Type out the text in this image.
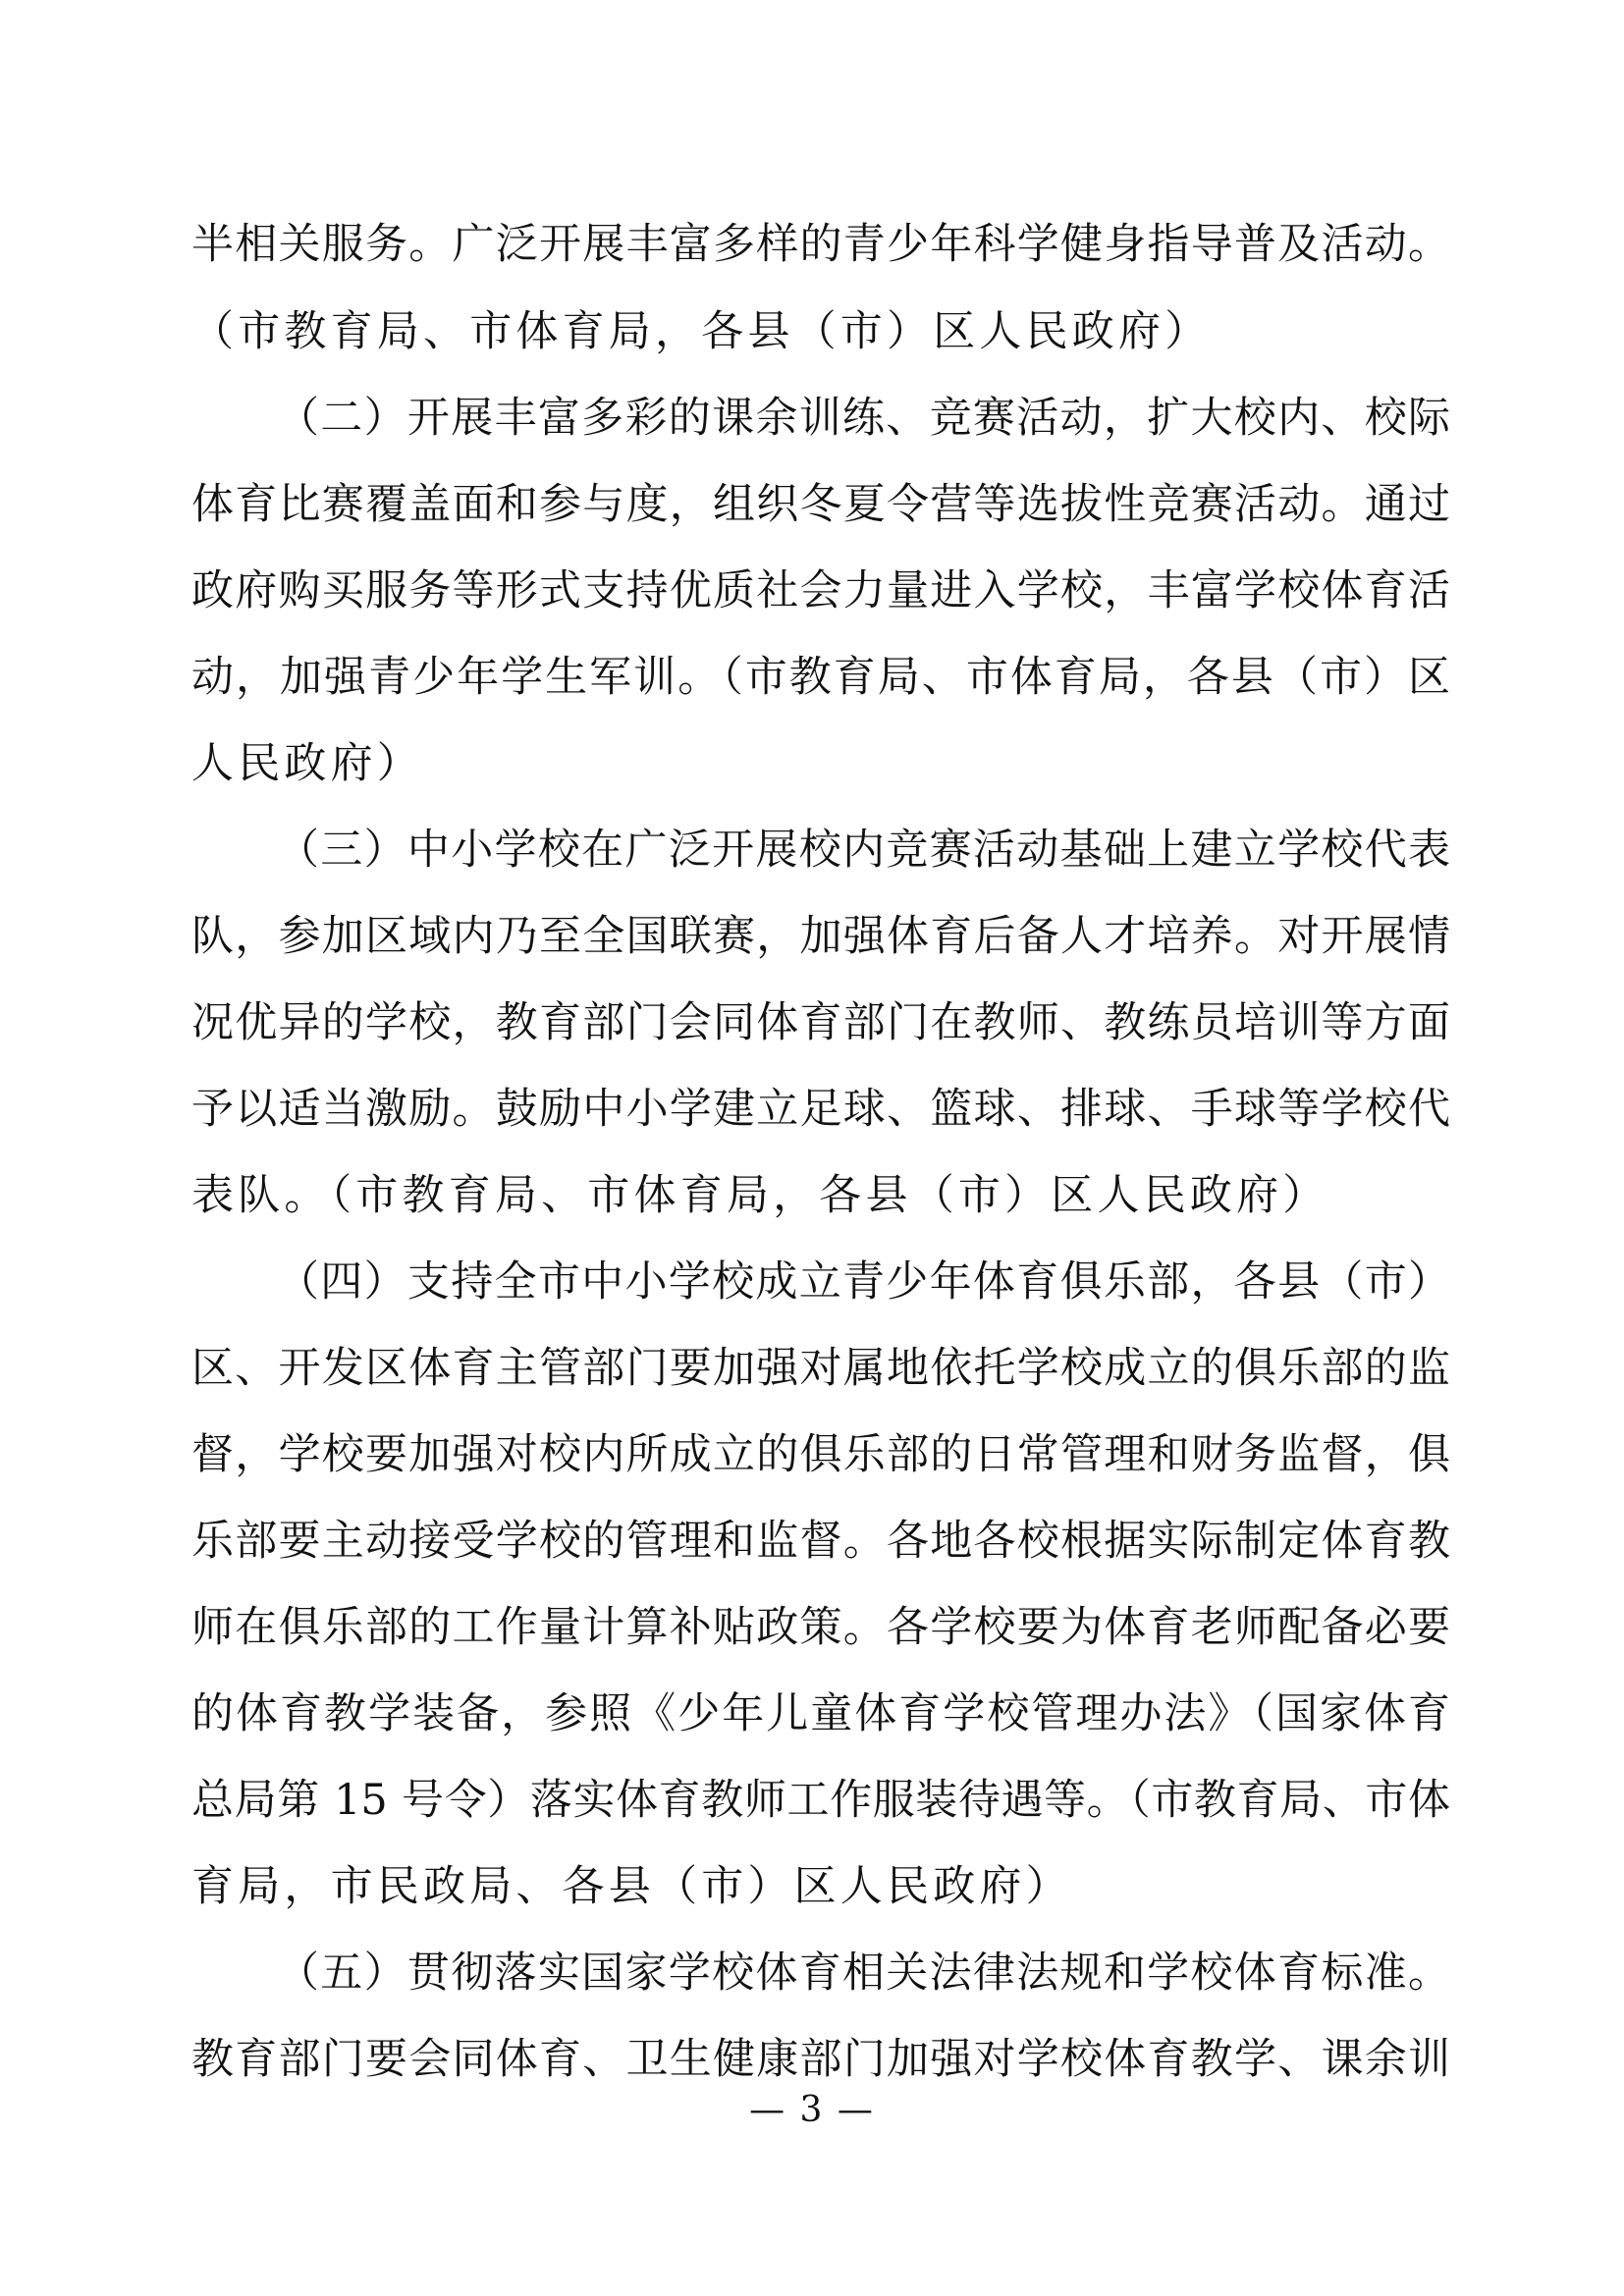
半相关服务。广泛开展丰富多样的青少年科学健身指导普及活动。
（市教育局、市体育局，各县（市）区人民政府）
（二）开展丰富多彩的课余训练、竞赛活动，扩大校内、校际
体育比赛覆盖面和参与度，组织冬夏令营等选拔性竞赛活动。通过
政府购买服务等形式支持优质社会力量进入学校，丰富学校体育活
动，加强青少年学生军训。（市教育局、市体育局，各县（市）区
人民政府）
（三）中小学校在广泛开展校内竞赛活动基础上建立学校代表
队，参加区域内乃至全国联赛，加强体育后备人才培养。对开展情
况优异的学校，教育部门会同体育部门在教师、教练员培训等方面
予以适当激励。鼓励中小学建立足球、篮球、排球、手球等学校代
表队。（市教育局、市体育局，各县（市）区人民政府）
（四）支持全市中小学校成立青少年体育俱乐部，各县（市）
区、开发区体育主管部门要加强对属地依托学校成立的俱乐部的监
督，学校要加强对校内所成立的俱乐部的日常管理和财务监督，俱
乐部要主动接受学校的管理和监督。各地各校根据实际制定体育教
师在俱乐部的工作量计算补贴政策。各学校要为体育老师配备必要
的体育教学装备，参照《少年儿童体育学校管理办法》（国家体育
总局第 15 号令）落实体育教师工作服装待遇等。（市教育局、市体
育局，市民政局、各县（市）区人民政府）
（五）贯彻落实国家学校体育相关法律法规和学校体育标准。
教育部门要会同体育、卫生健康部门加强对学校体育教学、课余训
— 3 —
